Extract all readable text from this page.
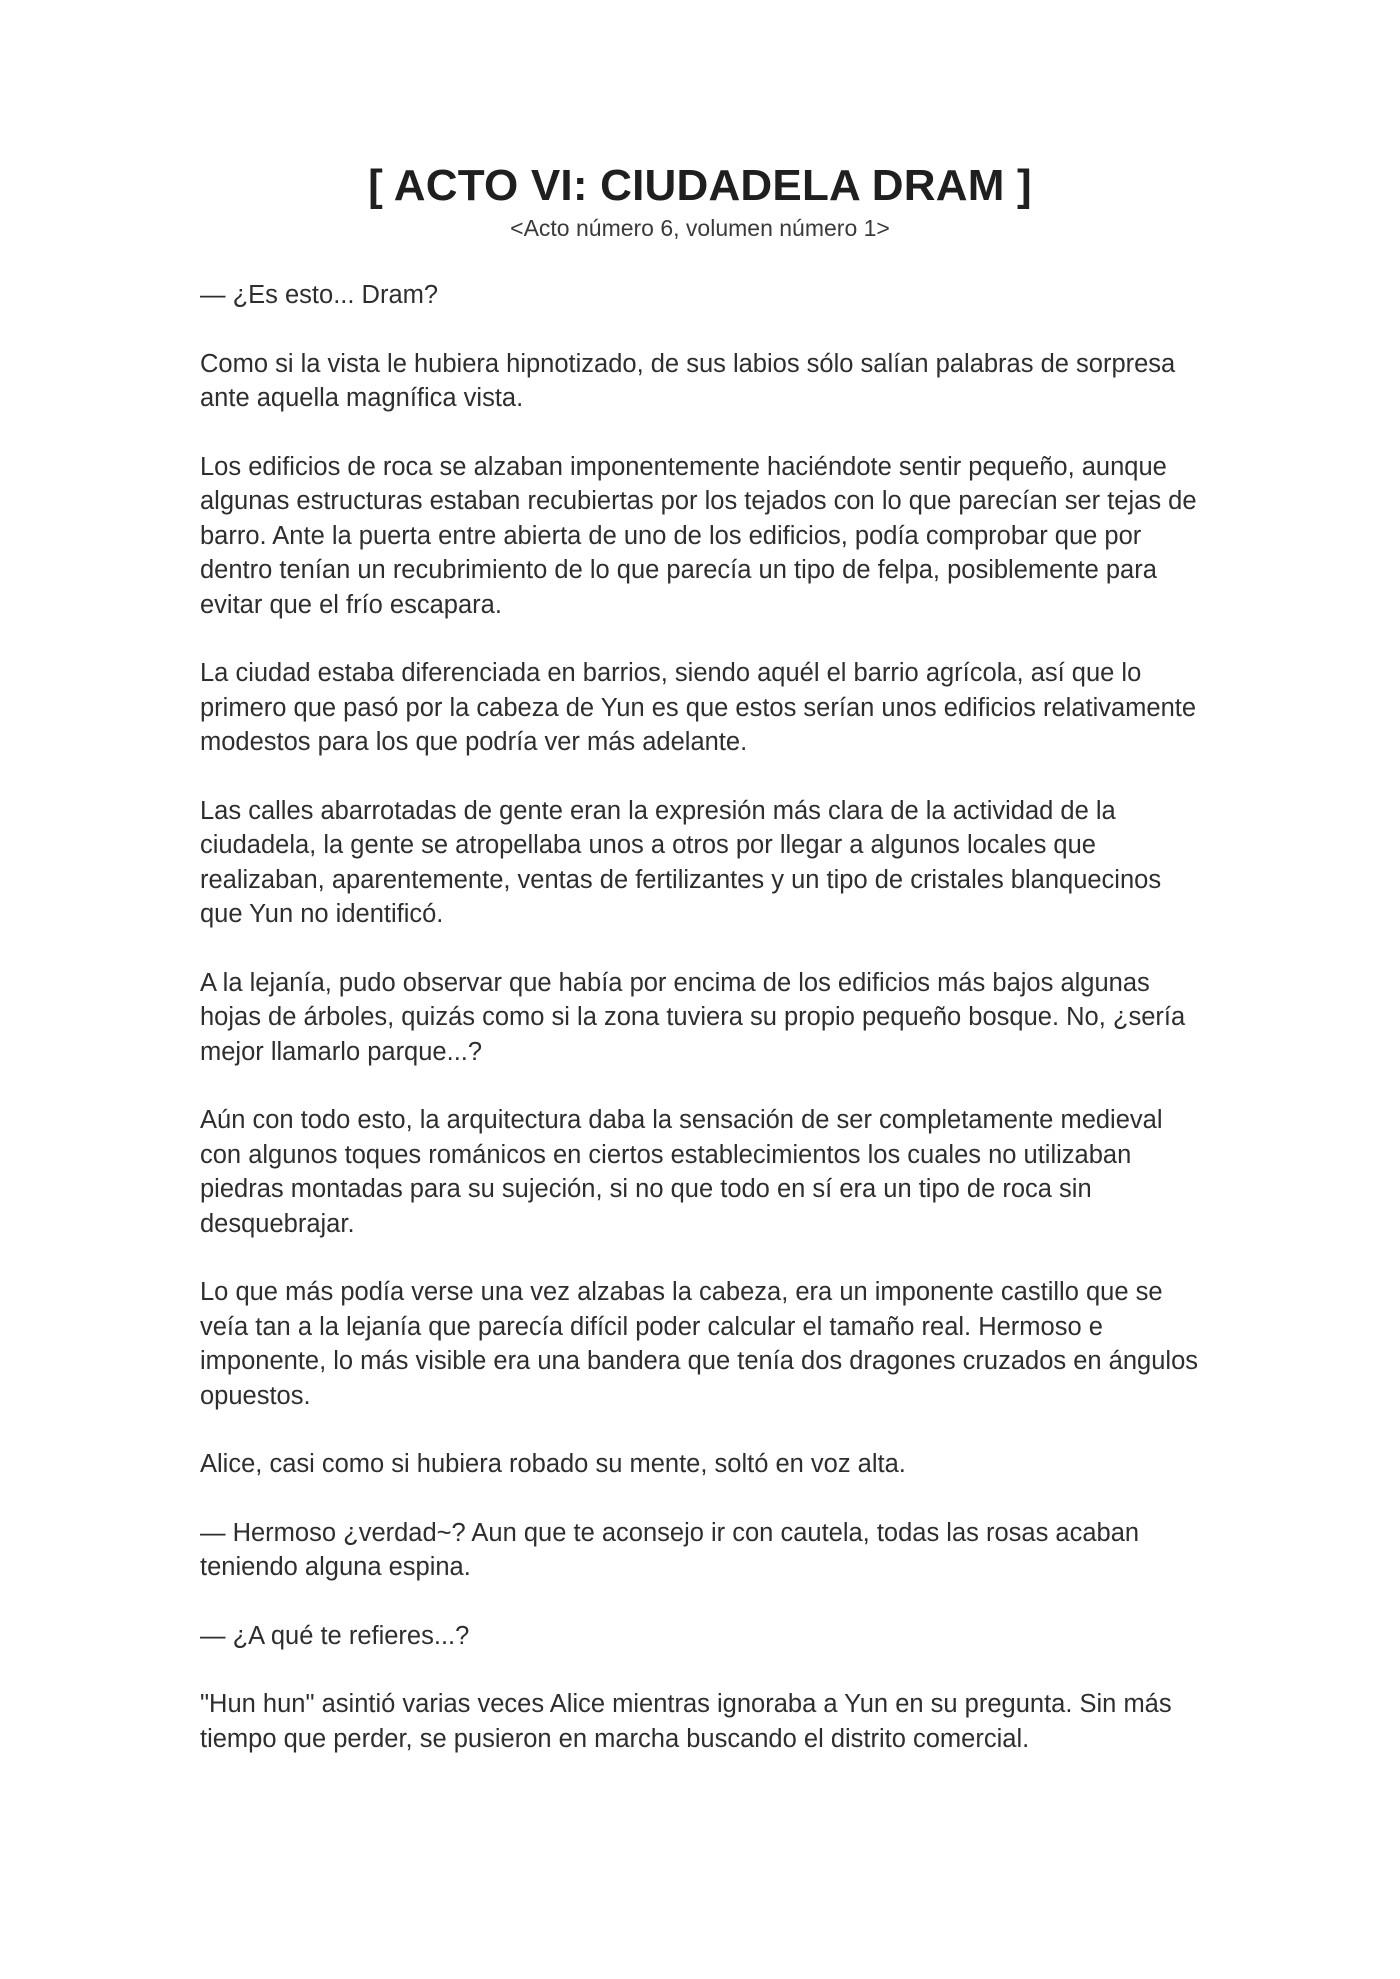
[ ACTO VI: CIUDADELA DRAM ]
<Acto número 6, volumen número 1>

— ¿Es esto... Dram?

Como si la vista le hubiera hipnotizado, de sus labios sólo salían palabras de sorpresa ante aquella magnífica vista.

Los edificios de roca se alzaban imponentemente haciéndote sentir pequeño, aunque algunas estructuras estaban recubiertas por los tejados con lo que parecían ser tejas de barro. Ante la puerta entre abierta de uno de los edificios, podía comprobar que por dentro tenían un recubrimiento de lo que parecía un tipo de felpa, posiblemente para evitar que el frío escapara.

La ciudad estaba diferenciada en barrios, siendo aquél el barrio agrícola, así que lo primero que pasó por la cabeza de Yun es que estos serían unos edificios relativamente modestos para los que podría ver más adelante.

Las calles abarrotadas de gente eran la expresión más clara de la actividad de la ciudadela, la gente se atropellaba unos a otros por llegar a algunos locales que realizaban, aparentemente, ventas de fertilizantes y un tipo de cristales blanquecinos que Yun no identificó.

A la lejanía, pudo observar que había por encima de los edificios más bajos algunas hojas de árboles, quizás como si la zona tuviera su propio pequeño bosque. No, ¿sería mejor llamarlo parque...?

Aún con todo esto, la arquitectura daba la sensación de ser completamente medieval con algunos toques románicos en ciertos establecimientos los cuales no utilizaban piedras montadas para su sujeción, si no que todo en sí era un tipo de roca sin desquebrajar.

Lo que más podía verse una vez alzabas la cabeza, era un imponente castillo que se veía tan a la lejanía que parecía difícil poder calcular el tamaño real. Hermoso e imponente, lo más visible era una bandera que tenía dos dragones cruzados en ángulos opuestos.

Alice, casi como si hubiera robado su mente, soltó en voz alta.

— Hermoso ¿verdad~? Aun que te aconsejo ir con cautela, todas las rosas acaban teniendo alguna espina.

— ¿A qué te refieres...?

"Hun hun" asintió varias veces Alice mientras ignoraba a Yun en su pregunta. Sin más tiempo que perder, se pusieron en marcha buscando el distrito comercial.
